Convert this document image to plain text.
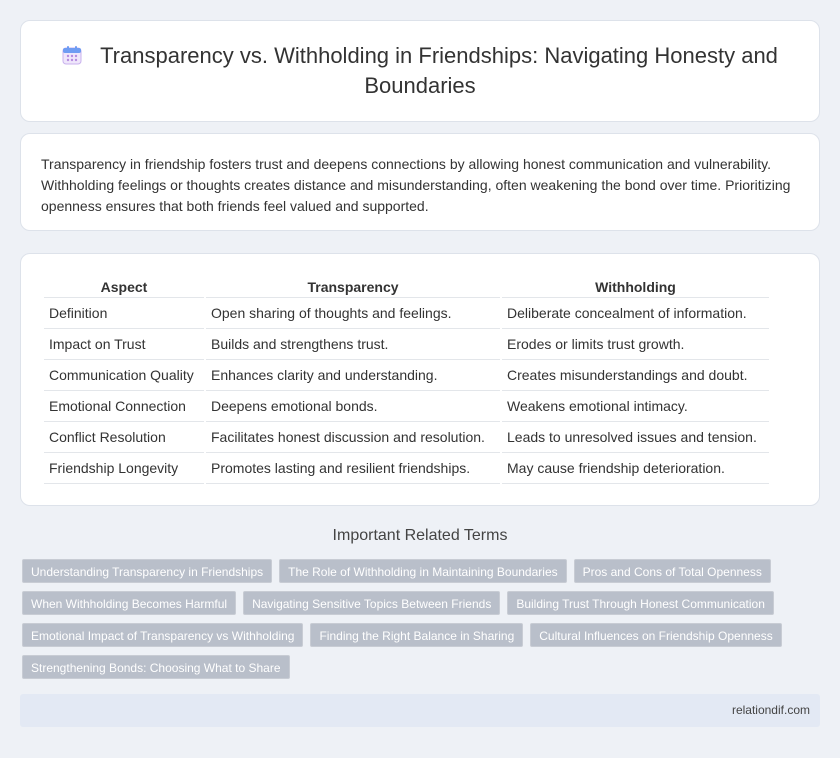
Transparency vs. Withholding in Friendships: Navigating Honesty and Boundaries

Transparency in friendship fosters trust and deepens connections by allowing honest communication and vulnerability. Withholding feelings or thoughts creates distance and misunderstanding, often weakening the bond over time. Prioritizing openness ensures that both friends feel valued and supported.

Aspect	Transparency	Withholding
Definition	Open sharing of thoughts and feelings.	Deliberate concealment of information.
Impact on Trust	Builds and strengthens trust.	Erodes or limits trust growth.
Communication Quality	Enhances clarity and understanding.	Creates misunderstandings and doubt.
Emotional Connection	Deepens emotional bonds.	Weakens emotional intimacy.
Conflict Resolution	Facilitates honest discussion and resolution.	Leads to unresolved issues and tension.
Friendship Longevity	Promotes lasting and resilient friendships.	May cause friendship deterioration.
Important Related Terms
Understanding Transparency in Friendships	The Role of Withholding in Maintaining Boundaries	Pros and Cons of Total Openness
When Withholding Becomes Harmful	Navigating Sensitive Topics Between Friends	Building Trust Through Honest Communication
Emotional Impact of Transparency vs Withholding	Finding the Right Balance in Sharing	Cultural Influences on Friendship Openness
Strengthening Bonds: Choosing What to Share
relationdif.com
